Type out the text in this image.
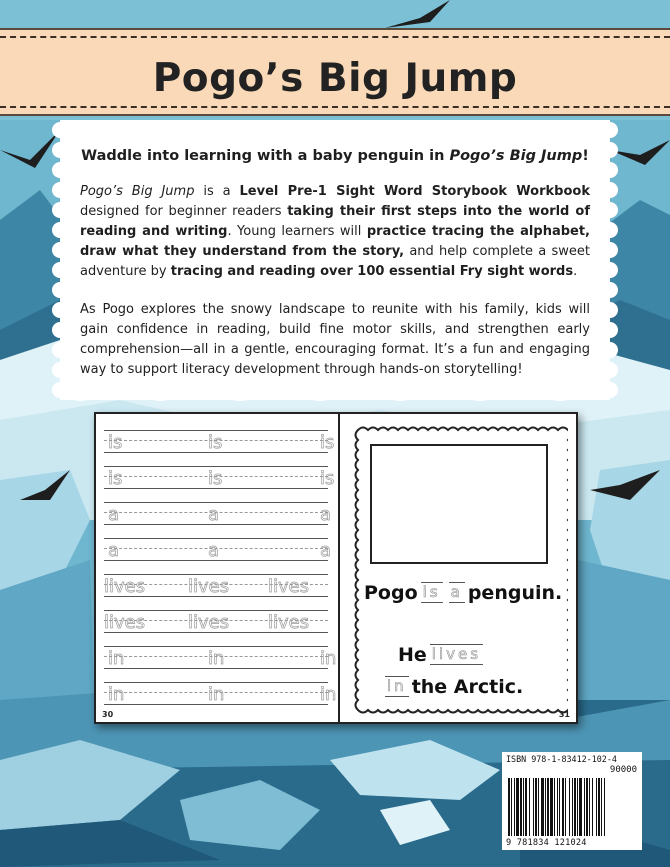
Pogo’s Big Jump
Waddle into learning with a baby penguin in Pogo’s Big Jump!

Pogo’s Big Jump is a Level Pre-1 Sight Word Storybook Workbook designed for beginner readers taking their first steps into the world of reading and writing. Young learners will practice tracing the alphabet, draw what they understand from the story, and help complete a sweet adventure by tracing and reading over 100 essential Fry sight words.

As Pogo explores the snowy landscape to reunite with his family, kids will gain confidence in reading, build fine motor skills, and strengthen early comprehension—all in a gentle, encouraging format. It’s a fun and engaging way to support literacy development through hands-on storytelling!

is	is	is
is	is	is
a	a	a
a	a	a
lives lives lives
lives lives lives
in	in	in
in	in	in
30
Pogo is a penguin.
He lives
in the Arctic.
31
ISBN 978-1-83412-102-4
90000
9 781834 121024
